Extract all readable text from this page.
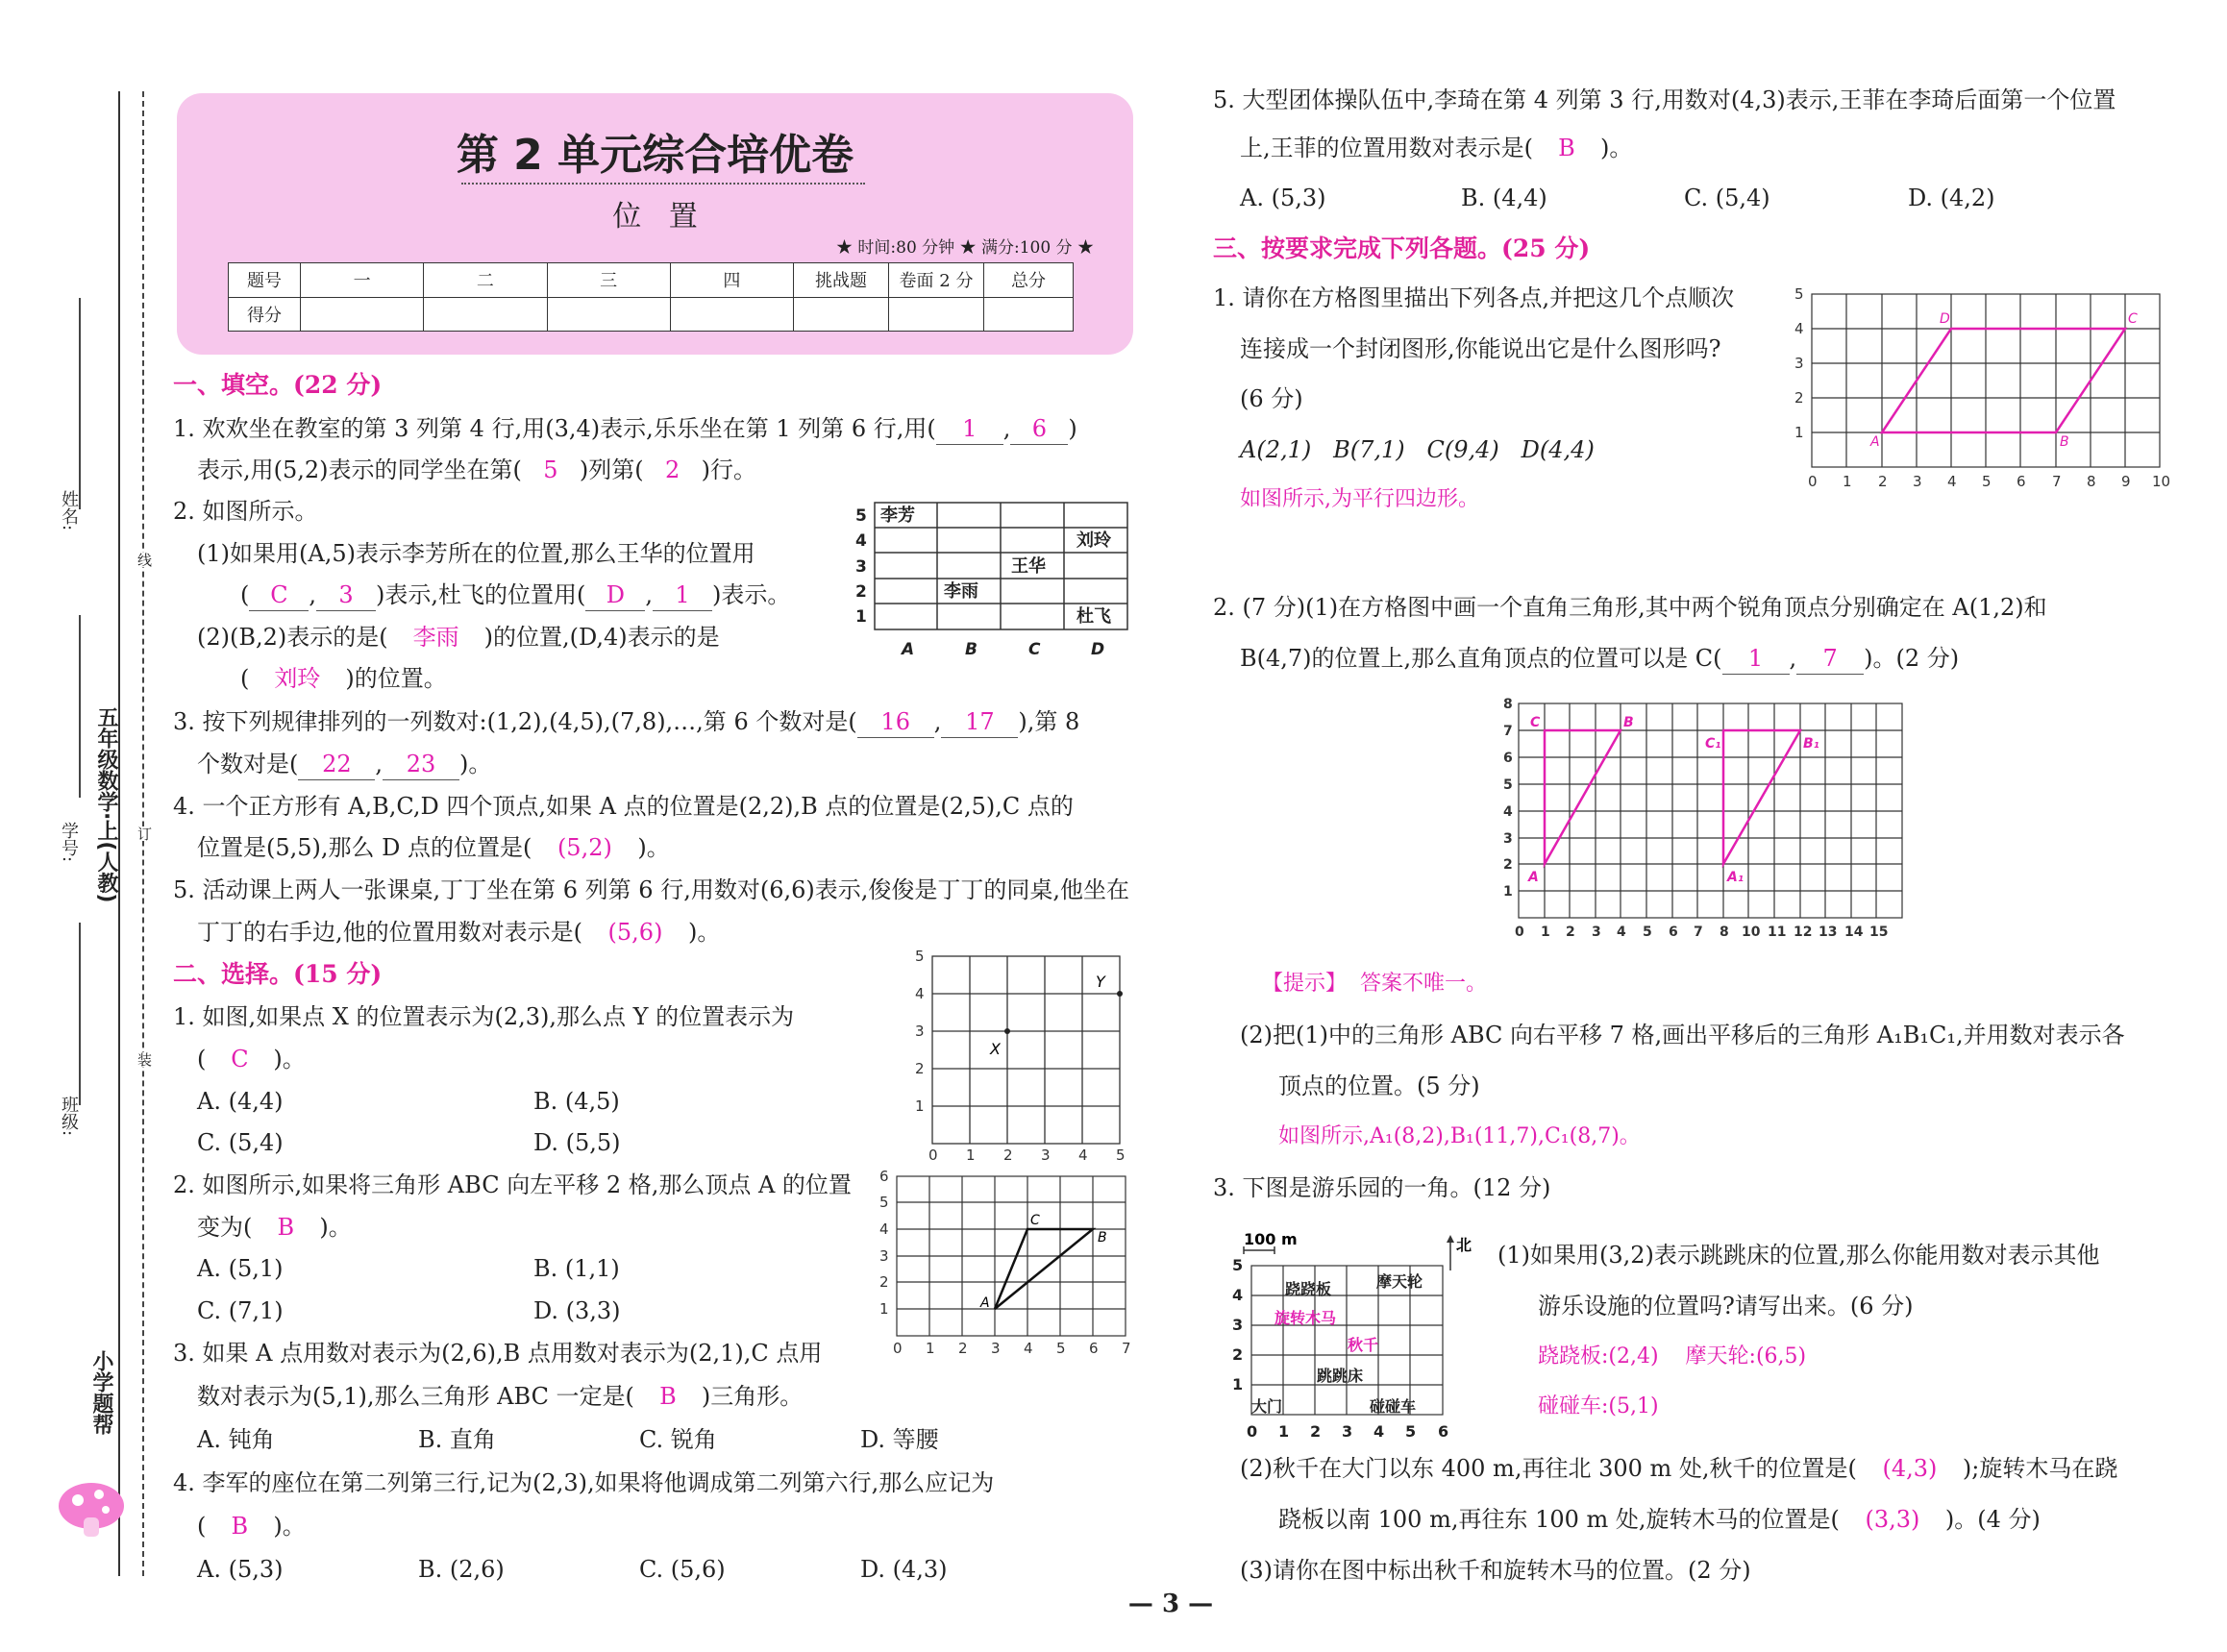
线
订
装
姓名:
学号:
班级:
五年级数学·上(人教)
小学题帮
第 2 单元综合培优卷
位   置
★ 时间:80 分钟 ★ 满分:100 分 ★
题号	一	二	三	四	挑战题	卷面 2 分	总分
得分							
一、填空。(22 分)
1. 欢欢坐在教室的第 3 列第 4 行,用(3,4)表示,乐乐坐在第 1 列第 6 行,用( 1 , 6 )
表示,用(5,2)表示的同学坐在第( 5 )列第( 2 )行。
2. 如图所示。
(1)如果用(A,5)表示李芳所在的位置,那么王华的位置用
( C , 3 )表示,杜飞的位置用( D , 1 )表示。
(2)(B,2)表示的是( 李雨 )的位置,(D,4)表示的是
( 刘玲 )的位置。
5
4
3
2
1
A	B	C	D
李芳
刘玲
王华
李雨
杜飞
3. 按下列规律排列的一列数对:(1,2),(4,5),(7,8),…,第 6 个数对是( 16 , 17 ),第 8
个数对是( 22 , 23 )。
4. 一个正方形有 A,B,C,D 四个顶点,如果 A 点的位置是(2,2),B 点的位置是(2,5),C 点的
位置是(5,5),那么 D 点的位置是( (5,2) )。
5. 活动课上两人一张课桌,丁丁坐在第 6 列第 6 行,用数对(6,6)表示,俊俊是丁丁的同桌,他坐在
丁丁的右手边,他的位置用数对表示是( (5,6) )。
二、选择。(15 分)
1. 如图,如果点 X 的位置表示为(2,3),那么点 Y 的位置表示为
( C )。
A. (4,4)	B. (4,5)
C. (5,4)	D. (5,5)	0 1 2 3 4 5
1
2
3
4
5
X
Y
2. 如图所示,如果将三角形 ABC 向左平移 2 格,那么顶点 A 的位置
变为( B )。
A. (5,1)	B. (1,1)
C. (7,1)	D. (3,3)
0 1 2 3 4 5 6 7
1
2
3
4
5
6
A
C
B
3. 如果 A 点用数对表示为(2,6),B 点用数对表示为(2,1),C 点用
数对表示为(5,1),那么三角形 ABC 一定是( B )三角形。
A. 钝角	B. 直角	C. 锐角	D. 等腰
4. 李军的座位在第二列第三行,记为(2,3),如果将他调成第二列第六行,那么应记为
( B )。
A. (5,3)	B. (2,6)	C. (5,6)	D. (4,3)
5. 大型团体操队伍中,李琦在第 4 列第 3 行,用数对(4,3)表示,王菲在李琦后面第一个位置
上,王菲的位置用数对表示是( B )。
A. (5,3)	B. (4,4)	C. (5,4)	D. (4,2)
三、按要求完成下列各题。(25 分)
1. 请你在方格图里描出下列各点,并把这几个点顺次
连接成一个封闭图形,你能说出它是什么图形吗?
(6 分)
A(2,1)   B(7,1)   C(9,4)   D(4,4)
如图所示,为平行四边形。
0 1 2 3 4 5 6 7 8 9 10
1
2
3
4
5
A	B
C
D
2. (7 分)(1)在方格图中画一个直角三角形,其中两个锐角顶点分别确定在 A(1,2)和
B(4,7)的位置上,那么直角顶点的位置可以是 C( 1 , 7 )。(2 分)
0 1 2 3 4 5 6 7 8 10 11 12 13 14 15
1
2
3
4
5
6
7
8
A
C	B
A₁
C₁	B₁
【提示】 答案不唯一。
(2)把(1)中的三角形 ABC 向右平移 7 格,画出平移后的三角形 A₁B₁C₁,并用数对表示各
顶点的位置。(5 分)
如图所示,A₁(8,2),B₁(11,7),C₁(8,7)。
3. 下图是游乐园的一角。(12 分)
100 m
5
4
3
2
1
0 1 2 3 4 5 6
北
跷跷板	摩天轮
旋转木马
秋千
跳跳床
大门	碰碰车
(1)如果用(3,2)表示跳跳床的位置,那么你能用数对表示其他
游乐设施的位置吗?请写出来。(6 分)
跷跷板:(2,4)    摩天轮:(6,5)
碰碰车:(5,1)
(2)秋千在大门以东 400 m,再往北 300 m 处,秋千的位置是( (4,3) );旋转木马在跷
跷板以南 100 m,再往东 100 m 处,旋转木马的位置是( (3,3) )。(4 分)
(3)请你在图中标出秋千和旋转木马的位置。(2 分)
— 3 —
